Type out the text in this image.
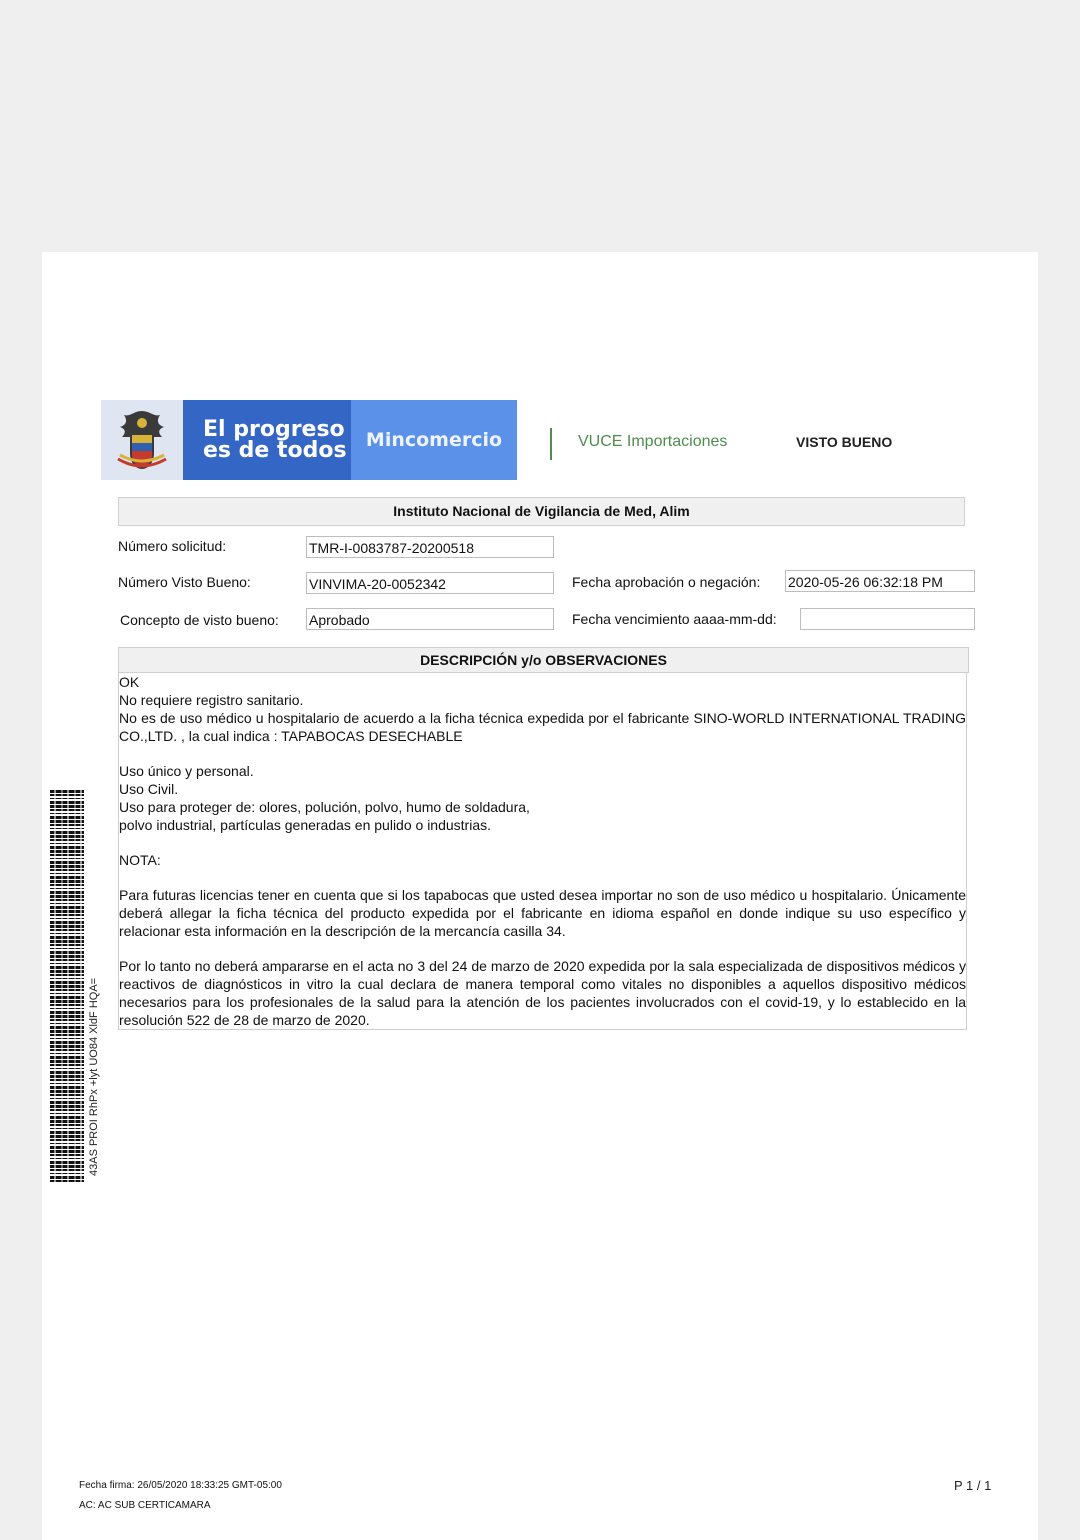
El progreso
es de todos	Mincomercio	VUCE Importaciones	VISTO BUENO
Instituto Nacional de Vigilancia de Med, Alim
Número solicitud:	TMR-I-0083787-20200518
Número Visto Bueno:	VINVIMA-20-0052342	Fecha aprobación o negación: 2020-05-26 06:32:18 PM
Concepto de visto bueno: Aprobado	Fecha vencimiento aaaa-mm-dd:
DESCRIPCIÓN y/o OBSERVACIONES

OK

No requiere registro sanitario.

No es de uso médico u hospitalario de acuerdo a la ficha técnica expedida por el fabricante SINO-WORLD INTERNATIONAL TRADING CO.,LTD. , la cual indica : TAPABOCAS DESECHABLE

Uso único y personal.

Uso Civil.

Uso para proteger de: olores, polución, polvo, humo de soldadura,

polvo industrial, partículas generadas en pulido o industrias.

NOTA:

Para futuras licencias tener en cuenta que si los tapabocas que usted desea importar no son de uso médico u hospitalario. Únicamente deberá allegar la ficha técnica del producto expedida por el fabricante en idioma español en donde indique su uso específico y relacionar esta información en la descripción de la mercancía casilla 34.

Por lo tanto no deberá ampararse en el acta no 3 del 24 de marzo de 2020 expedida por la sala especializada de dispositivos médicos y reactivos de diagnósticos in vitro la cual declara de manera temporal como vitales no disponibles a aquellos dispositivo médicos necesarios para los profesionales de la salud para la atención de los pacientes involucrados con el covid-19, y lo establecido en la resolución 522 de 28 de marzo de 2020.

43AS PROI RhPx +lyt UO84 XldF HQA=
Fecha firma: 26/05/2020 18:33:25 GMT-05:00
AC: AC SUB CERTICAMARA
P 1 / 1
